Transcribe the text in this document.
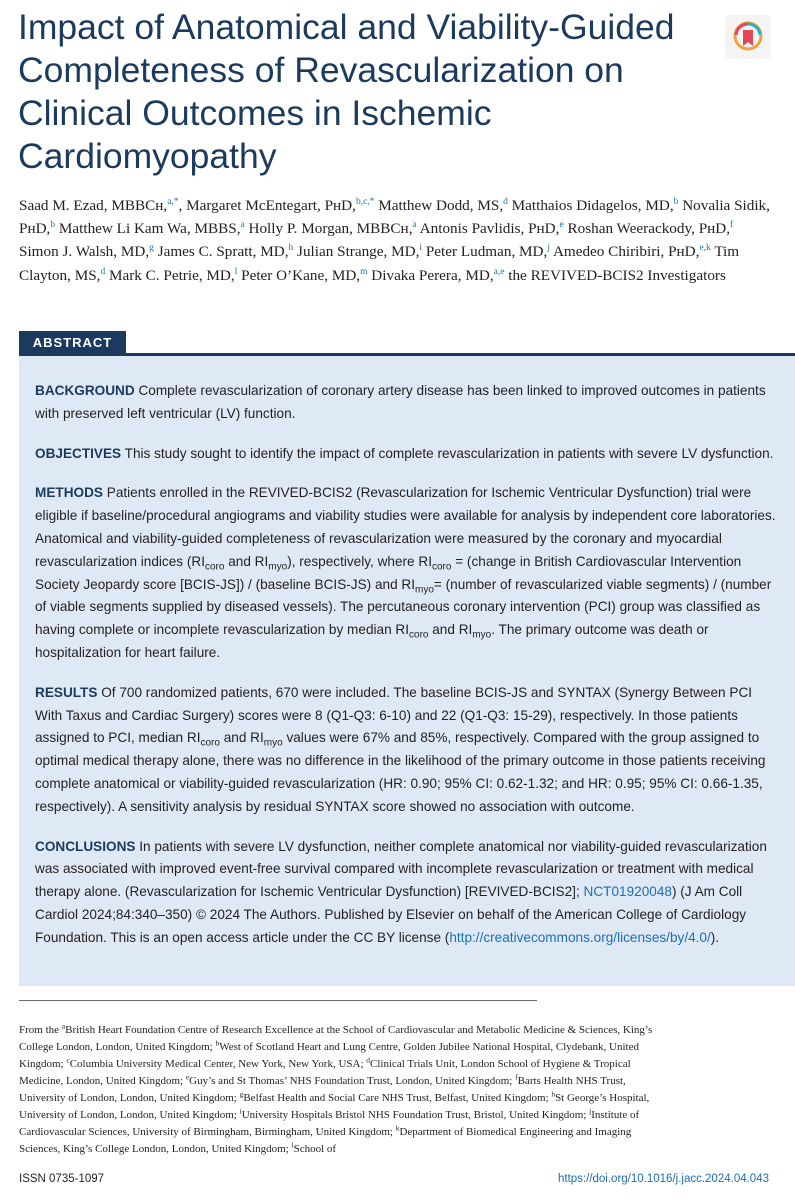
Impact of Anatomical and Viability-Guided Completeness of Revascularization on Clinical Outcomes in Ischemic Cardiomyopathy

Saad M. Ezad, MBBCʜ,$^{a,*}$, Margaret McEntegart, PʜD,$^{b,c,*}$ Matthew Dodd, MS,$^d$ Matthaios Didagelos, MD,$^b$ Novalia Sidik, PʜD,$^b$ Matthew Li Kam Wa, MBBS,$^a$ Holly P. Morgan, MBBCʜ,$^a$ Antonis Pavlidis, PʜD,$^e$ Roshan Weerackody, PʜD,$^f$ Simon J. Walsh, MD,$^g$ James C. Spratt, MD,$^h$ Julian Strange, MD,$^i$ Peter Ludman, MD,$^j$ Amedeo Chiribiri, PʜD,$^{e,k}$ Tim Clayton, MS,$^d$ Mark C. Petrie, MD,$^l$ Peter O’Kane, MD,$^m$ Divaka Perera, MD,$^{a,e}$ the REVIVED-BCIS2 Investigators

ABSTRACT

BACKGROUND Complete revascularization of coronary artery disease has been linked to improved outcomes in patients with preserved left ventricular (LV) function.

OBJECTIVES This study sought to identify the impact of complete revascularization in patients with severe LV dysfunction.

METHODS Patients enrolled in the REVIVED-BCIS2 (Revascularization for Ischemic Ventricular Dysfunction) trial were eligible if baseline/procedural angiograms and viability studies were available for analysis by independent core laboratories. Anatomical and viability-guided completeness of revascularization were measured by the coronary and myocardial revascularization indices ($RI_{coro}$ and $RI_{myo}$), respectively, where $RI_{coro}$ = (change in British Cardiovascular Intervention Society Jeopardy score [BCIS-JS]) / (baseline BCIS-JS) and $RI_{myo}=$ (number of revascularized viable segments) / (number of viable segments supplied by diseased vessels). The percutaneous coronary intervention (PCI) group was classified as having complete or incomplete revascularization by median $RI_{coro}$ and $RI_{myo}$. The primary outcome was death or hospitalization for heart failure.

RESULTS Of 700 randomized patients, 670 were included. The baseline BCIS-JS and SYNTAX (Synergy Between PCI With Taxus and Cardiac Surgery) scores were 8 (Q1-Q3: 6-10) and 22 (Q1-Q3: 15-29), respectively. In those patients assigned to PCI, median $RI_{coro}$ and $RI_{myo}$ values were 67% and 85%, respectively. Compared with the group assigned to optimal medical therapy alone, there was no difference in the likelihood of the primary outcome in those patients receiving complete anatomical or viability-guided revascularization (HR: 0.90; 95% CI: 0.62-1.32; and HR: 0.95; 95% CI: 0.66-1.35, respectively). A sensitivity analysis by residual SYNTAX score showed no association with outcome.

CONCLUSIONS In patients with severe LV dysfunction, neither complete anatomical nor viability-guided revascularization was associated with improved event-free survival compared with incomplete revascularization or treatment with medical therapy alone. (Revascularization for Ischemic Ventricular Dysfunction) [REVIVED-BCIS2]; NCT01920048) (J Am Coll Cardiol 2024;84:340–350) © 2024 The Authors. Published by Elsevier on behalf of the American College of Cardiology Foundation. This is an open access article under the CC BY license (http://creativecommons.org/licenses/by/4.0/).

From the $^a$British Heart Foundation Centre of Research Excellence at the School of Cardiovascular and Metabolic Medicine & Sciences, King’s College London, London, United Kingdom; $^b$West of Scotland Heart and Lung Centre, Golden Jubilee National Hospital, Clydebank, United Kingdom; $^c$Columbia University Medical Center, New York, New York, USA; $^d$Clinical Trials Unit, London School of Hygiene & Tropical Medicine, London, United Kingdom; $^e$Guy’s and St Thomas’ NHS Foundation Trust, London, United Kingdom; $^f$Barts Health NHS Trust, University of London, London, United Kingdom; $^g$Belfast Health and Social Care NHS Trust, Belfast, United Kingdom; $^h$St George’s Hospital, University of London, London, United Kingdom; $^i$University Hospitals Bristol NHS Foundation Trust, Bristol, United Kingdom; $^j$Institute of Cardiovascular Sciences, University of Birmingham, Birmingham, United Kingdom; $^k$Department of Biomedical Engineering and Imaging Sciences, King’s College London, London, United Kingdom; $^l$School of

ISSN 0735-1097	https://doi.org/10.1016/j.jacc.2024.04.043
